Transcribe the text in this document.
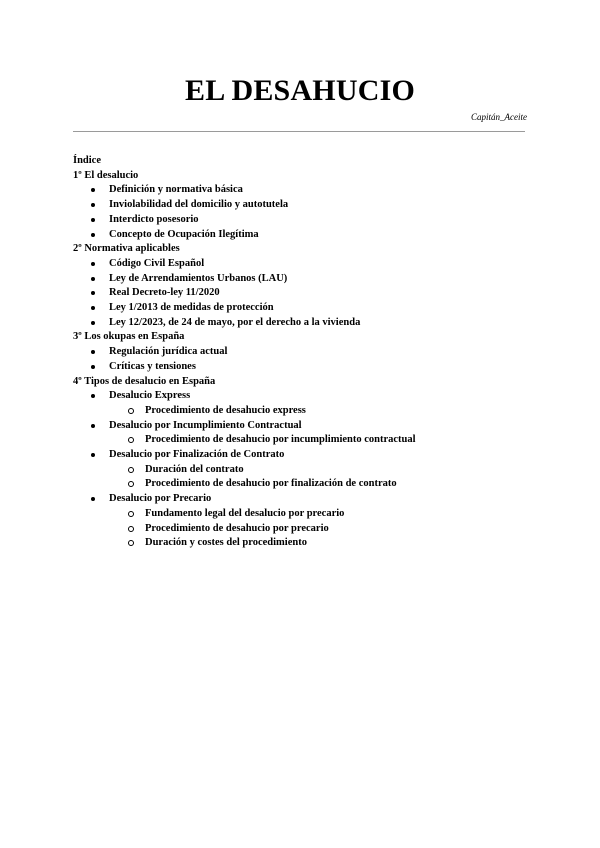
EL DESAHUCIO
Capitán_Aceite
Índice
1º El desalucio
Definición y normativa básica
Inviolabilidad del domicilio y autotutela
Interdicto posesorio
Concepto de Ocupación Ilegítima
2º Normativa aplicables
Código Civil Español
Ley de Arrendamientos Urbanos (LAU)
Real Decreto-ley 11/2020
Ley 1/2013 de medidas de protección
Ley 12/2023, de 24 de mayo, por el derecho a la vivienda
3º Los okupas en España
Regulación jurídica actual
Críticas y tensiones
4º Tipos de desalucio en España
Desalucio Express
Procedimiento de desahucio express
Desalucio por Incumplimiento Contractual
Procedimiento de desahucio por incumplimiento contractual
Desalucio por Finalización de Contrato
Duración del contrato
Procedimiento de desahucio por finalización de contrato
Desalucio por Precario
Fundamento legal del desalucio por precario
Procedimiento de desahucio por precario
Duración y costes del procedimiento
